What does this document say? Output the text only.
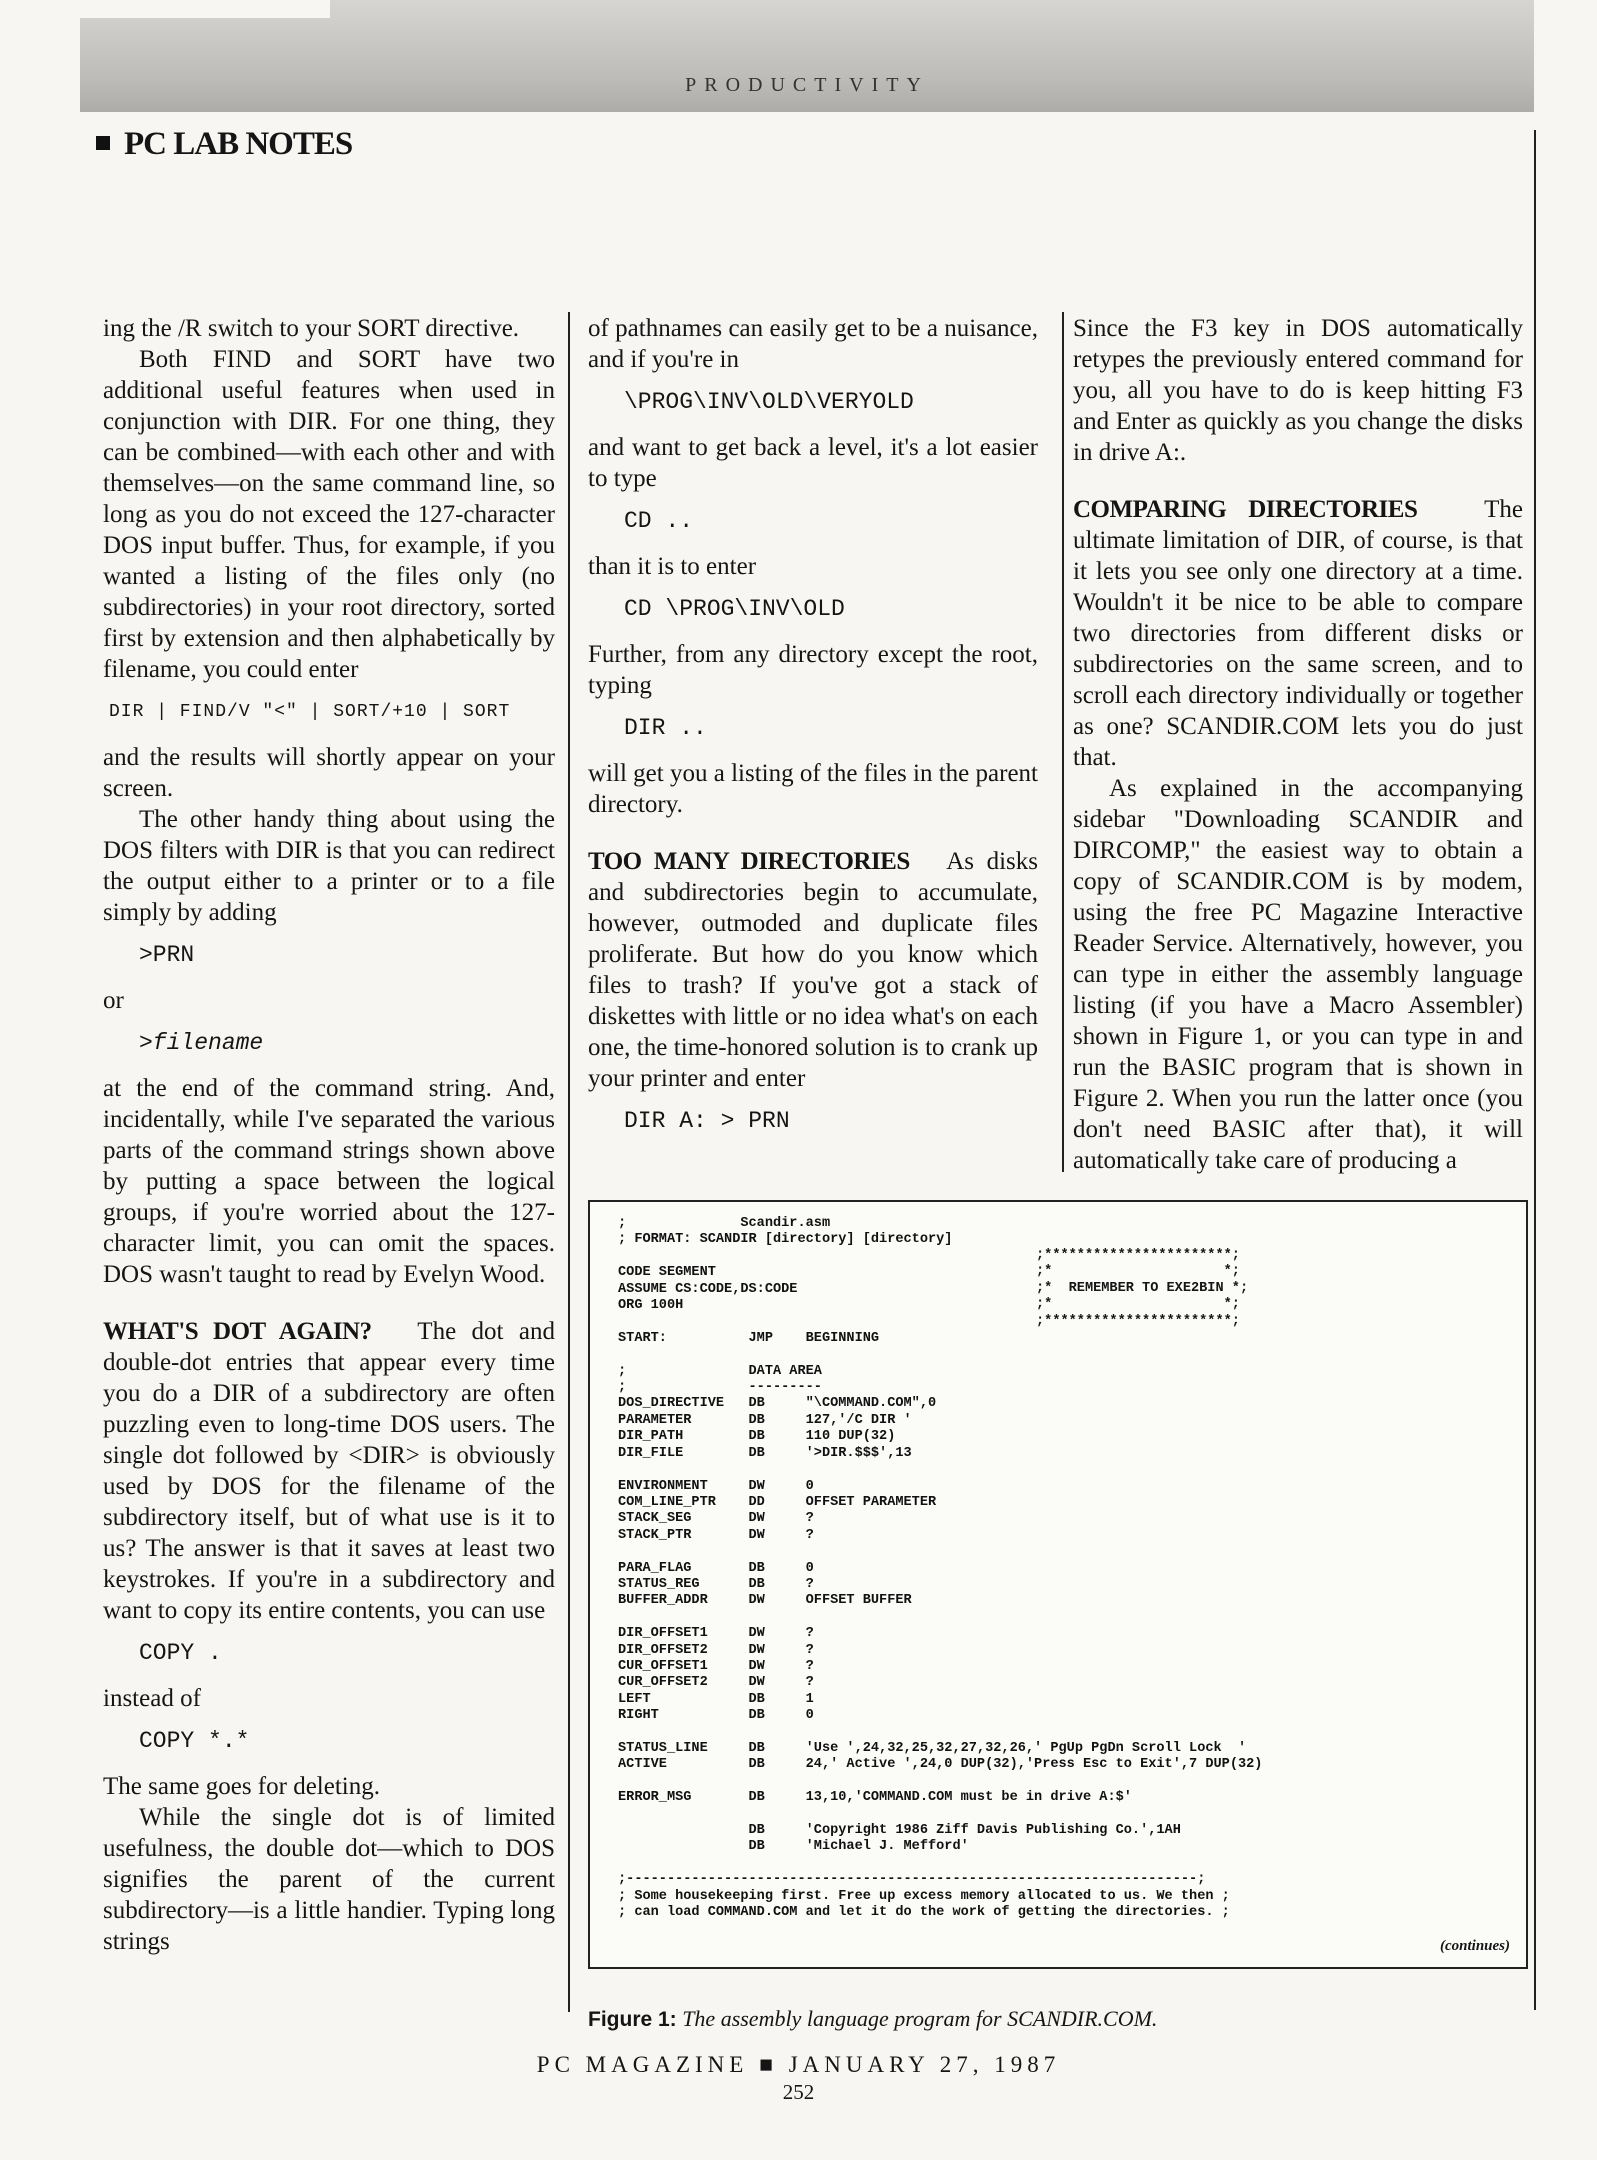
PRODUCTIVITY
PC LAB NOTES

ing the /R switch to your SORT directive.

Both FIND and SORT have two additional useful features when used in conjunction with DIR. For one thing, they can be combined—with each other and with themselves—on the same command line, so long as you do not exceed the 127-character DOS input buffer. Thus, for example, if you wanted a listing of the files only (no subdirectories) in your root directory, sorted first by extension and then alphabetically by filename, you could enter

DIR | FIND/V "<" | SORT/+10 | SORT

and the results will shortly appear on your screen.

The other handy thing about using the DOS filters with DIR is that you can redirect the output either to a printer or to a file simply by adding

>PRN

or

>filename

at the end of the command string. And, incidentally, while I've separated the various parts of the command strings shown above by putting a space between the logical groups, if you're worried about the 127-character limit, you can omit the spaces. DOS wasn't taught to read by Evelyn Wood.

WHAT'S DOT AGAIN? The dot and double-dot entries that appear every time you do a DIR of a subdirectory are often puzzling even to long-time DOS users. The single dot followed by <DIR> is obviously used by DOS for the filename of the subdirectory itself, but of what use is it to us? The answer is that it saves at least two keystrokes. If you're in a subdirectory and want to copy its entire contents, you can use

COPY .

instead of

COPY *.*

The same goes for deleting.

While the single dot is of limited usefulness, the double dot—which to DOS signifies the parent of the current subdirectory—is a little handier. Typing long strings

of pathnames can easily get to be a nuisance, and if you're in

\PROG\INV\OLD\VERYOLD

and want to get back a level, it's a lot easier to type

CD ..

than it is to enter

CD \PROG\INV\OLD

Further, from any directory except the root, typing

DIR ..

will get you a listing of the files in the parent directory.

TOO MANY DIRECTORIES As disks and subdirectories begin to accumulate, however, outmoded and duplicate files proliferate. But how do you know which files to trash? If you've got a stack of diskettes with little or no idea what's on each one, the time-honored solution is to crank up your printer and enter

DIR A: > PRN

Since the F3 key in DOS automatically retypes the previously entered command for you, all you have to do is keep hitting F3 and Enter as quickly as you change the disks in drive A:.

COMPARING DIRECTORIES	The ultimate limitation of DIR, of course, is that it lets you see only one directory at a time. Wouldn't it be nice to be able to compare two directories from different disks or subdirectories on the same screen, and to scroll each directory individually or together as one? SCANDIR.COM lets you do just that.

As explained in the accompanying sidebar "Downloading SCANDIR and DIRCOMP," the easiest way to obtain a copy of SCANDIR.COM is by modem, using the free PC Magazine Interactive Reader Service. Alternatively, however, you can type in either the assembly language listing (if you have a Macro Assembler) shown in Figure 1, or you can type in and run the BASIC program that is shown in Figure 2. When you run the latter once (you don't need BASIC after that), it will automatically take care of producing a

;              Scandir.asm
; FORMAT: SCANDIR [directory] [directory]

CODE SEGMENT
ASSUME CS:CODE,DS:CODE
ORG 100H

START:          JMP    BEGINNING

;               DATA AREA
;               ---------
DOS_DIRECTIVE   DB     "\COMMAND.COM",0
PARAMETER       DB     127,'/C DIR '
DIR_PATH        DB     110 DUP(32)
DIR_FILE        DB     '>DIR.$$$',13

ENVIRONMENT     DW     0
COM_LINE_PTR    DD     OFFSET PARAMETER
STACK_SEG       DW     ?
STACK_PTR       DW     ?

PARA_FLAG       DB     0
STATUS_REG      DB     ?
BUFFER_ADDR     DW     OFFSET BUFFER

DIR_OFFSET1     DW     ?
DIR_OFFSET2     DW     ?
CUR_OFFSET1     DW     ?
CUR_OFFSET2     DW     ?
LEFT            DB     1
RIGHT           DB     0

STATUS_LINE     DB     'Use ',24,32,25,32,27,32,26,' PgUp PgDn Scroll Lock  '
ACTIVE          DB     24,' Active ',24,0 DUP(32),'Press Esc to Exit',7 DUP(32)

ERROR_MSG       DB     13,10,'COMMAND.COM must be in drive A:$'

DB     'Copyright 1986 Ziff Davis Publishing Co.',1AH
DB     'Michael J. Mefford'

;----------------------------------------------------------------------;
; Some housekeeping first. Free up excess memory allocated to us. We then ;
; can load COMMAND.COM and let it do the work of getting the directories. ;
;***********************;
;*                     *;
;*  REMEMBER TO EXE2BIN *;
;*                     *;
;***********************;
(continues)
Figure 1: The assembly language program for SCANDIR.COM.
PC MAGAZINE ■ JANUARY 27, 1987
252
